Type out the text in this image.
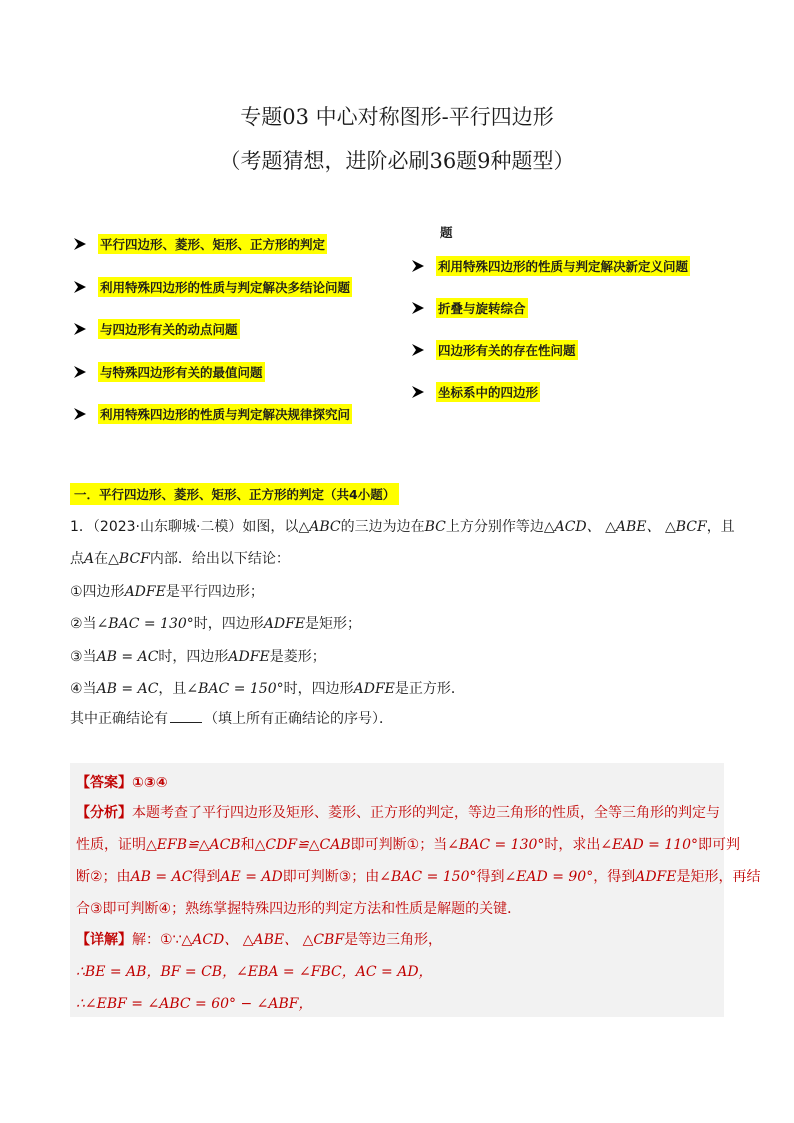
专题03 中心对称图形-平行四边形
（考题猜想，进阶必刷36题9种题型）
平行四边形、菱形、矩形、正方形的判定
利用特殊四边形的性质与判定解决多结论问题
与四边形有关的动点问题
与特殊四边形有关的最值问题
利用特殊四边形的性质与判定解决规律探究问
题
利用特殊四边形的性质与判定解决新定义问题
折叠与旋转综合
四边形有关的存在性问题
坐标系中的四边形
一．平行四边形、菱形、矩形、正方形的判定（共4小题）
1．（2023·山东聊城·二模）如图，以△ABC的三边为边在BC上方分别作等边△ACD、 △ABE、 △BCF，且
点A在△BCF内部．给出以下结论：
①四边形ADFE是平行四边形；
②当∠BAC = 130°时，四边形ADFE是矩形；
③当AB = AC时，四边形ADFE是菱形；
④当AB = AC，且∠BAC = 150°时，四边形ADFE是正方形．
其中正确结论有	（填上所有正确结论的序号）．
【答案】①③④
【分析】本题考查了平行四边形及矩形、菱形、正方形的判定，等边三角形的性质，全等三角形的判定与
性质，证明△EFB≌△ACB和△CDF≌△CAB即可判断①；当∠BAC = 130°时，求出∠EAD = 110°即可判
断②；由AB = AC得到AE = AD即可判断③；由∠BAC = 150°得到∠EAD = 90°，得到ADFE是矩形，再结
合③即可判断④；熟练掌握特殊四边形的判定方法和性质是解题的关键．
【详解】解：①∵△ACD、 △ABE、 △CBF是等边三角形，
∴BE = AB，BF = CB，∠EBA = ∠FBC，AC = AD，
∴∠EBF = ∠ABC = 60° − ∠ABF，
